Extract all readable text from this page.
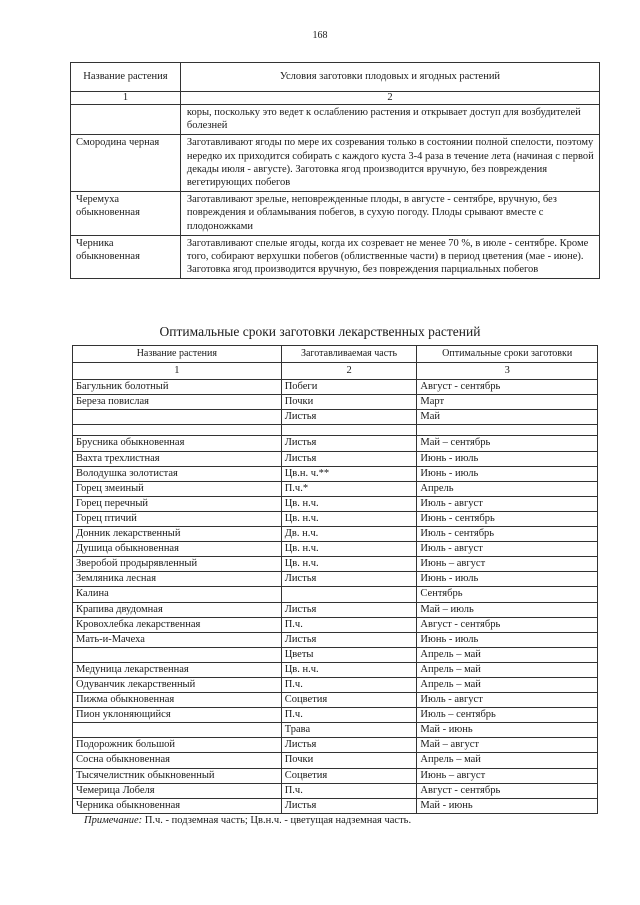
168
Название растения	Условия заготовки плодовых и ягодных растений
1	2
	коры, поскольку это ведет к ослаблению растения и открывает доступ для возбудителей болезней
Смородина черная	Заготавливают ягоды по мере их созревания только в состоянии полной спелости, поэтому нередко их приходится собирать с каждого куста 3-4 раза в течение лета (начиная с первой декады июля - августе). Заготовка ягод производится вручную, без повреждения вегетирующих побегов
Черемуха обыкновенная	Заготавливают зрелые, неповрежденные плоды, в августе - сентябре, вручную, без повреждения и обламывания побегов, в сухую погоду. Плоды срывают вместе с плодоножками
Черника обыкновенная	Заготавливают спелые ягоды, когда их созревает не менее 70 %, в июле - сентябре. Кроме того, собирают верхушки побегов (облиственные части) в период цветения (мае - июне). Заготовка ягод производится вручную, без повреждения парциальных побегов
Оптимальные сроки заготовки лекарственных растений
Название растения	Заготавливаемая часть	Оптимальные сроки заготовки
1	2	3
Багульник болотный	Побеги	Август - сентябрь
Береза повислая	Почки	Март
	Листья	Май

Брусника обыкновенная	Листья	Май – сентябрь
Вахта трехлистная	Листья	Июнь - июль
Володушка золотистая	Цв.н. ч.**	Июнь - июль
Горец змеиный	П.ч.*	Апрель
Горец перечный	Цв. н.ч.	Июль - август
Горец птичий	Цв. н.ч.	Июнь - сентябрь
Донник лекарственный	Дв. н.ч.	Июль - сентябрь
Душица обыкновенная	Цв. н.ч.	Июль - август
Зверобой продырявленный	Цв. н.ч.	Июнь – август
Земляника лесная	Листья	Июнь - июль
Калина		Сентябрь
Крапива двудомная	Листья	Май – июль
Кровохлебка лекарственная	П.ч.	Август - сентябрь
Мать-и-Мачеха	Листья	Июнь - июль
	Цветы	Апрель – май
Медуница лекарственная	Цв. н.ч.	Апрель – май
Одуванчик лекарственный	П.ч.	Апрель – май
Пижма обыкновенная	Соцветия	Июль - август
Пион уклоняющийся	П.ч.	Июль – сентябрь
	Трава	Май - июнь
Подорожник большой	Листья	Май – август
Сосна обыкновенная	Почки	Апрель – май
Тысячелистник обыкновенный	Соцветия	Июнь – август
Чемерица Лобеля	П.ч.	Август - сентябрь
Черника обыкновенная	Листья	Май - июнь
Примечание: П.ч. - подземная часть; Цв.н.ч. - цветущая надземная часть.
